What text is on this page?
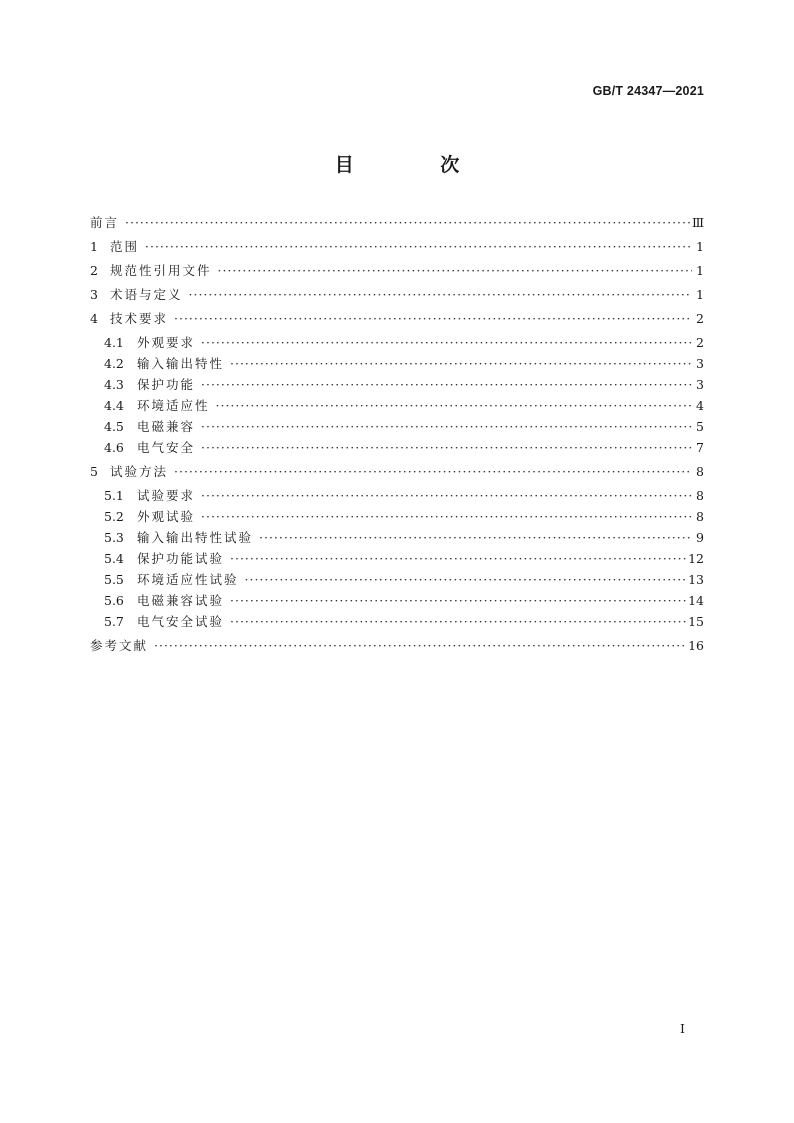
GB/T 24347—2021
目 次
前言 ·····	Ⅲ
1 范围 ·····	1
2 规范性引用文件 ·····	1
3 术语与定义 ·····	1
4 技术要求 ·····	2
4.1	外观要求 ·····	2
4.2	输入输出特性 ·····	3
4.3	保护功能 ·····	3
4.4	环境适应性 ·····	4
4.5	电磁兼容 ·····	5
4.6	电气安全 ·····	7
5 试验方法 ·····	8
5.1	试验要求 ·····	8
5.2	外观试验 ·····	8
5.3	输入输出特性试验 ·····	9
5.4	保护功能试验 ·····	12
5.5	环境适应性试验 ·····	13
5.6	电磁兼容试验 ·····	14
5.7	电气安全试验 ·····	15
参考文献 ·····	16
I
